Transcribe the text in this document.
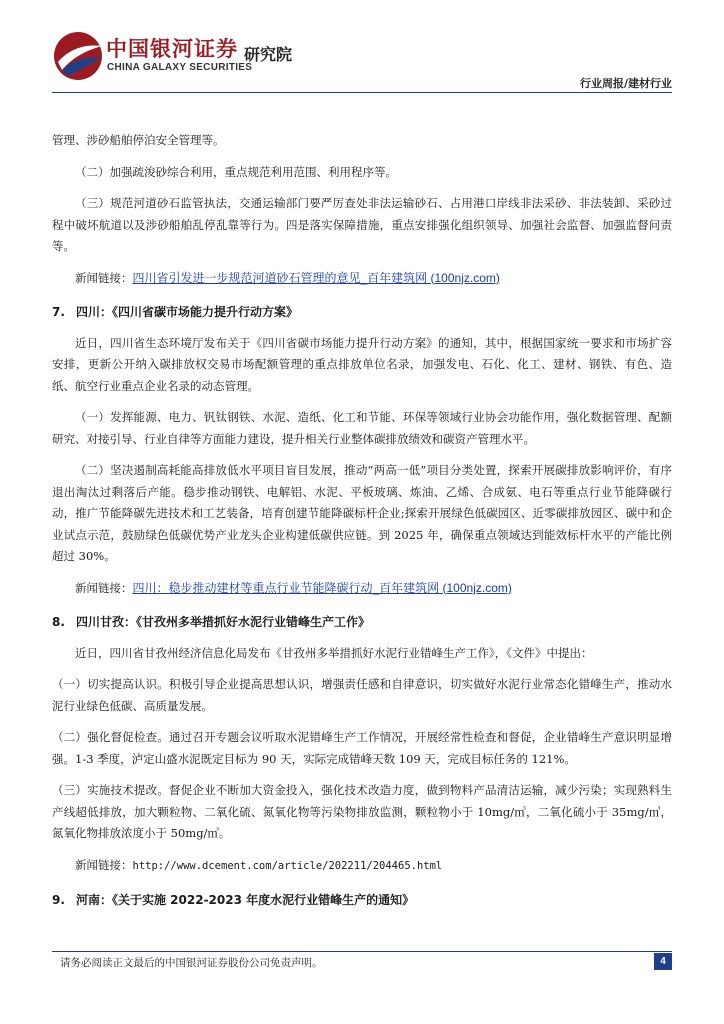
中国银河证券
CHINA GALAXY SECURITIES
研究院
行业周报/建材行业

管理、涉砂船舶停泊安全管理等。

（二）加强疏浚砂综合利用，重点规范利用范围、利用程序等。

（三）规范河道砂石监管执法，交通运输部门要严厉查处非法运输砂石、占用港口岸线非法采砂、非法装卸、采砂过程中破坏航道以及涉砂船舶乱停乱靠等行为。四是落实保障措施，重点安排强化组织领导、加强社会监督、加强监督问责等。

新闻链接：四川省引发进一步规范河道砂石管理的意见_百年建筑网 (100njz.com)
7. 四川：《四川省碳市场能力提升行动方案》

近日，四川省生态环境厅发布关于《四川省碳市场能力提升行动方案》的通知，其中，根据国家统一要求和市场扩容安排，更新公开纳入碳排放权交易市场配额管理的重点排放单位名录，加强发电、石化、化工、建材、钢铁、有色、造纸、航空行业重点企业名录的动态管理。

（一）发挥能源、电力、钒钛钢铁、水泥、造纸、化工和节能、环保等领域行业协会功能作用，强化数据管理、配额研究、对接引导、行业自律等方面能力建设，提升相关行业整体碳排放绩效和碳资产管理水平。

（二）坚决遏制高耗能高排放低水平项目盲目发展，推动“两高一低”项目分类处置，探索开展碳排放影响评价，有序退出淘汰过剩落后产能。稳步推动钢铁、电解铝、水泥、平板玻璃、炼油、乙烯、合成氨、电石等重点行业节能降碳行动，推广节能降碳先进技术和工艺装备，培育创建节能降碳标杆企业;探索开展绿色低碳园区、近零碳排放园区、碳中和企业试点示范，鼓励绿色低碳优势产业龙头企业构建低碳供应链。到 2025 年，确保重点领域达到能效标杆水平的产能比例超过 30%。

新闻链接：四川：稳步推动建材等重点行业节能降碳行动_百年建筑网 (100njz.com)
8. 四川甘孜：《甘孜州多举措抓好水泥行业错峰生产工作》

近日，四川省甘孜州经济信息化局发布《甘孜州多举措抓好水泥行业错峰生产工作》，《文件》中提出：

（一）切实提高认识。积极引导企业提高思想认识，增强责任感和自律意识，切实做好水泥行业常态化错峰生产，推动水泥行业绿色低碳、高质量发展。

（二）强化督促检查。通过召开专题会议听取水泥错峰生产工作情况，开展经常性检查和督促，企业错峰生产意识明显增强。1-3 季度，泸定山盛水泥既定目标为 90 天，实际完成错峰天数 109 天，完成目标任务的 121%。

（三）实施技术提改。督促企业不断加大资金投入，强化技术改造力度，做到物料产品清洁运输，减少污染；实现熟料生产线超低排放，加大颗粒物、二氧化硫、氮氧化物等污染物排放监测，颗粒物小于 10mg/㎥，二氧化硫小于 35mg/㎥，氮氧化物排放浓度小于 50mg/㎥。

新闻链接：http://www.dcement.com/article/202211/204465.html
9. 河南：《关于实施 2022-2023 年度水泥行业错峰生产的通知》
请务必阅读正文最后的中国银河证券股份公司免责声明。	4
